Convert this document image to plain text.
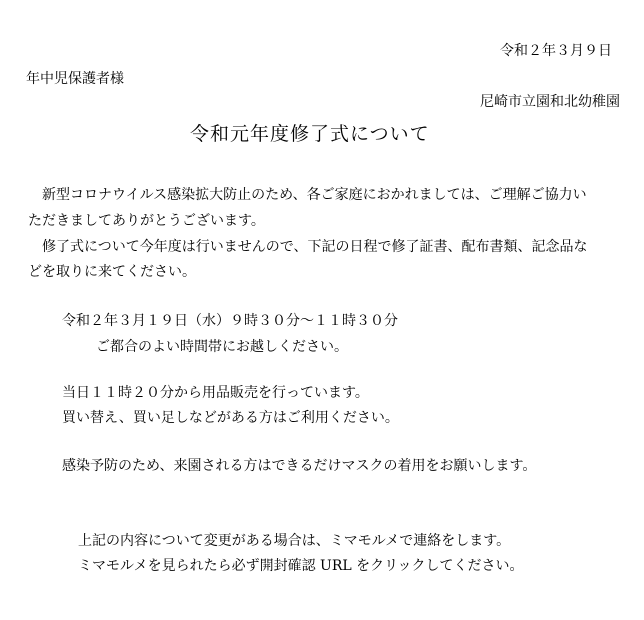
令和２年３月９日
年中児保護者様
尼崎市立園和北幼稚園
令和元年度修了式について
新型コロナウイルス感染拡大防止のため、各ご家庭におかれましては、ご理解ご協力い
ただきましてありがとうございます。
修了式について今年度は行いませんので、下記の日程で修了証書、配布書類、記念品な
どを取りに来てください。
令和２年３月１９日（水）９時３０分～１１時３０分
ご都合のよい時間帯にお越しください。
当日１１時２０分から用品販売を行っています。
買い替え、買い足しなどがある方はご利用ください。
感染予防のため、来園される方はできるだけマスクの着用をお願いします。
上記の内容について変更がある場合は、ミマモルメで連絡をします。
ミマモルメを見られたら必ず開封確認 URL をクリックしてください。
